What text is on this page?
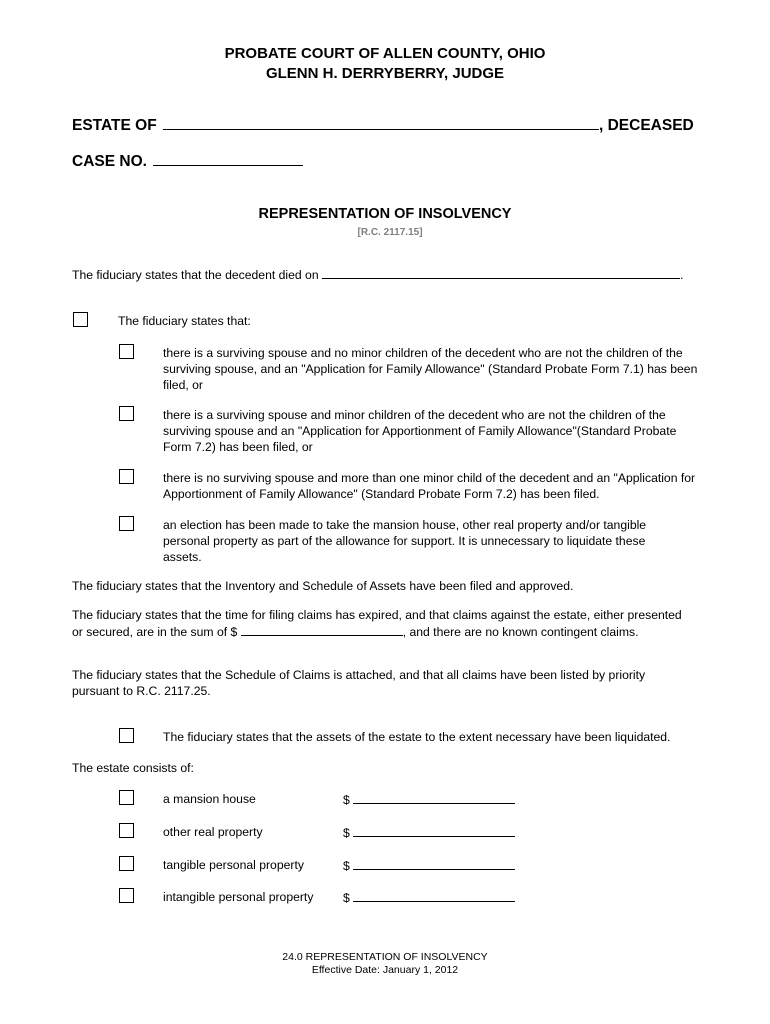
PROBATE COURT OF ALLEN COUNTY, OHIO
GLENN H. DERRYBERRY, JUDGE
ESTATE OF	, DECEASED
CASE NO.
REPRESENTATION OF INSOLVENCY
[R.C. 2117.15]
The fiduciary states that the decedent died on	.
The fiduciary states that:
there is a surviving spouse and no minor children of the decedent who are not the children of the surviving spouse, and an "Application for Family Allowance" (Standard Probate Form 7.1) has been filed, or
there is a surviving spouse and minor children of the decedent who are not the children of the surviving spouse and an "Application for Apportionment of Family Allowance"(Standard Probate Form 7.2) has been filed, or
there is no surviving spouse and more than one minor child of the decedent and an "Application for Apportionment of Family Allowance" (Standard Probate Form 7.2) has been filed.
an election has been made to take the mansion house, other real property and/or tangible personal property as part of the allowance for support. It is unnecessary to liquidate these assets.
The fiduciary states that the Inventory and Schedule of Assets have been filed and approved.
The fiduciary states that the time for filing claims has expired, and that claims against the estate, either presented or secured, are in the sum of $	, and there are no known contingent claims.
The fiduciary states that the Schedule of Claims is attached, and that all claims have been listed by priority pursuant to R.C. 2117.25.
The fiduciary states that the assets of the estate to the extent necessary have been liquidated.
The estate consists of:
a mansion house	$
other real property	$
tangible personal property	$
intangible personal property $
24.0 REPRESENTATION OF INSOLVENCY
Effective Date: January 1, 2012
